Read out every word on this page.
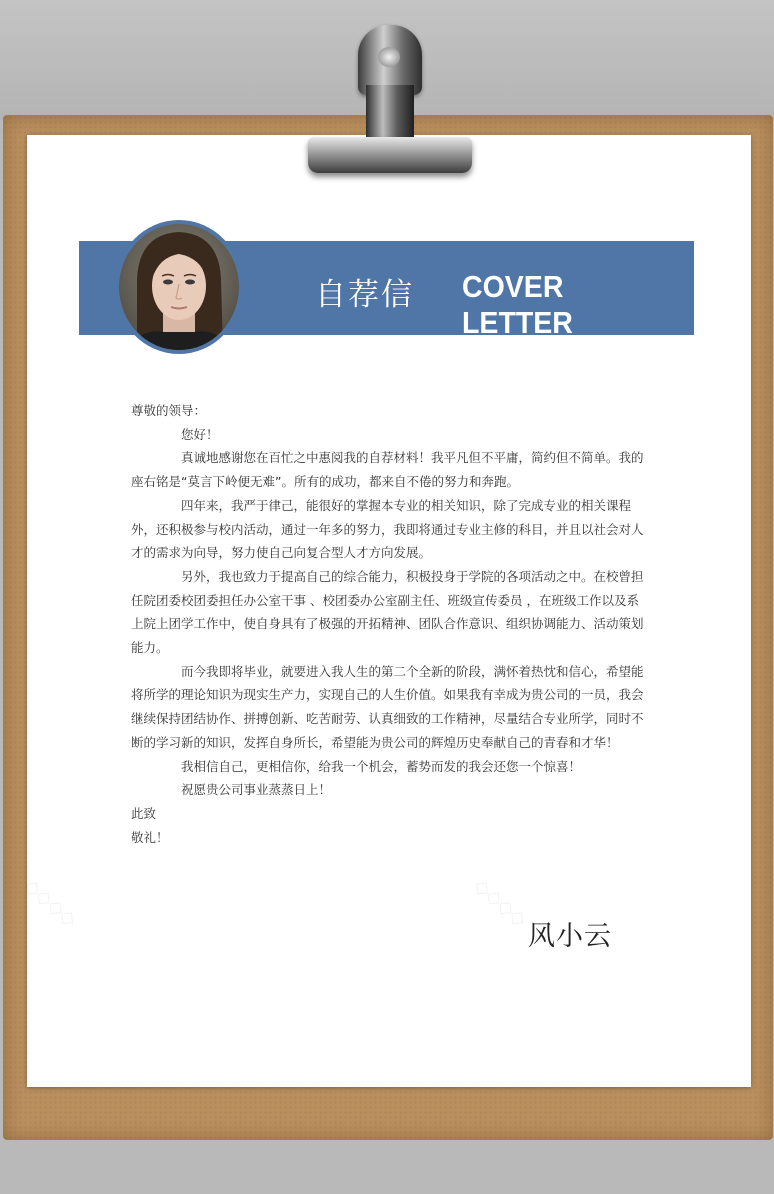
自荐信 COVER LETTER

尊敬的领导：

您好！

真诚地感谢您在百忙之中惠阅我的自荐材料！我平凡但不平庸，简约但不简单。我的座右铭是“莫言下岭便无难”。所有的成功，都来自不倦的努力和奔跑。

四年来，我严于律己，能很好的掌握本专业的相关知识，除了完成专业的相关课程外，还积极参与校内活动，通过一年多的努力，我即将通过专业主修的科目，并且以社会对人才的需求为向导，努力使自己向复合型人才方向发展。

另外，我也致力于提高自己的综合能力，积极投身于学院的各项活动之中。在校曾担任院团委校团委担任办公室干事 、校团委办公室副主任、班级宣传委员 ，在班级工作以及系上院上团学工作中，使自身具有了极强的开拓精神、团队合作意识、组织协调能力、活动策划能力。

而今我即将毕业，就要进入我人生的第二个全新的阶段，满怀着热忱和信心，希望能将所学的理论知识为现实生产力，实现自己的人生价值。如果我有幸成为贵公司的一员，我会继续保持团结协作、拼搏创新、吃苦耐劳、认真细致的工作精神，尽量结合专业所学，同时不断的学习新的知识，发挥自身所长，希望能为贵公司的辉煌历史奉献自己的青春和才华！

我相信自己，更相信你，给我一个机会，蓄势而发的我会还您一个惊喜！

祝愿贵公司事业蒸蒸日上！

此致

敬礼！

风小云
